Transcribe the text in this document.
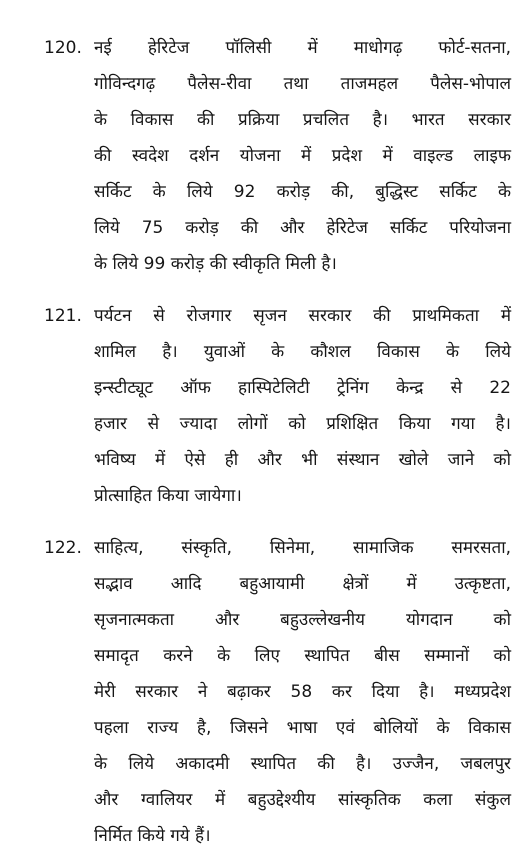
120. नई हेरिटेज पॉलिसी में माधोगढ़ फोर्ट-सतना,
गोविन्दगढ़ पैलेस-रीवा तथा ताजमहल पैलेस-भोपाल
के विकास की प्रक्रिया प्रचलित है। भारत सरकार
की स्वदेश दर्शन योजना में प्रदेश में वाइल्ड लाइफ
सर्किट के लिये 92 करोड़ की, बुद्धिस्ट सर्किट के
लिये 75 करोड़ की और हेरिटेज सर्किट परियोजना
के लिये 99 करोड़ की स्वीकृति मिली है।
121. पर्यटन से रोजगार सृजन सरकार की प्राथमिकता में
शामिल है। युवाओं के कौशल विकास के लिये
इन्स्टीट्यूट ऑफ हास्पिटेलिटी ट्रेनिंग केन्द्र से 22
हजार से ज्यादा लोगों को प्रशिक्षित किया गया है।
भविष्य में ऐसे ही और भी संस्थान खोले जाने को
प्रोत्साहित किया जायेगा।
122. साहित्य, संस्कृति, सिनेमा, सामाजिक समरसता,
सद्भाव आदि बहुआयामी क्षेत्रों में उत्कृष्टता,
सृजनात्मकता और बहुउल्लेखनीय योगदान को
समादृत करने के लिए स्थापित बीस सम्मानों को
मेरी सरकार ने बढ़ाकर 58 कर दिया है। मध्यप्रदेश
पहला राज्य है, जिसने भाषा एवं बोलियों के विकास
के लिये अकादमी स्थापित की है। उज्जैन, जबलपुर
और ग्वालियर में बहुउद्देश्यीय सांस्कृतिक कला संकुल
निर्मित किये गये हैं।
